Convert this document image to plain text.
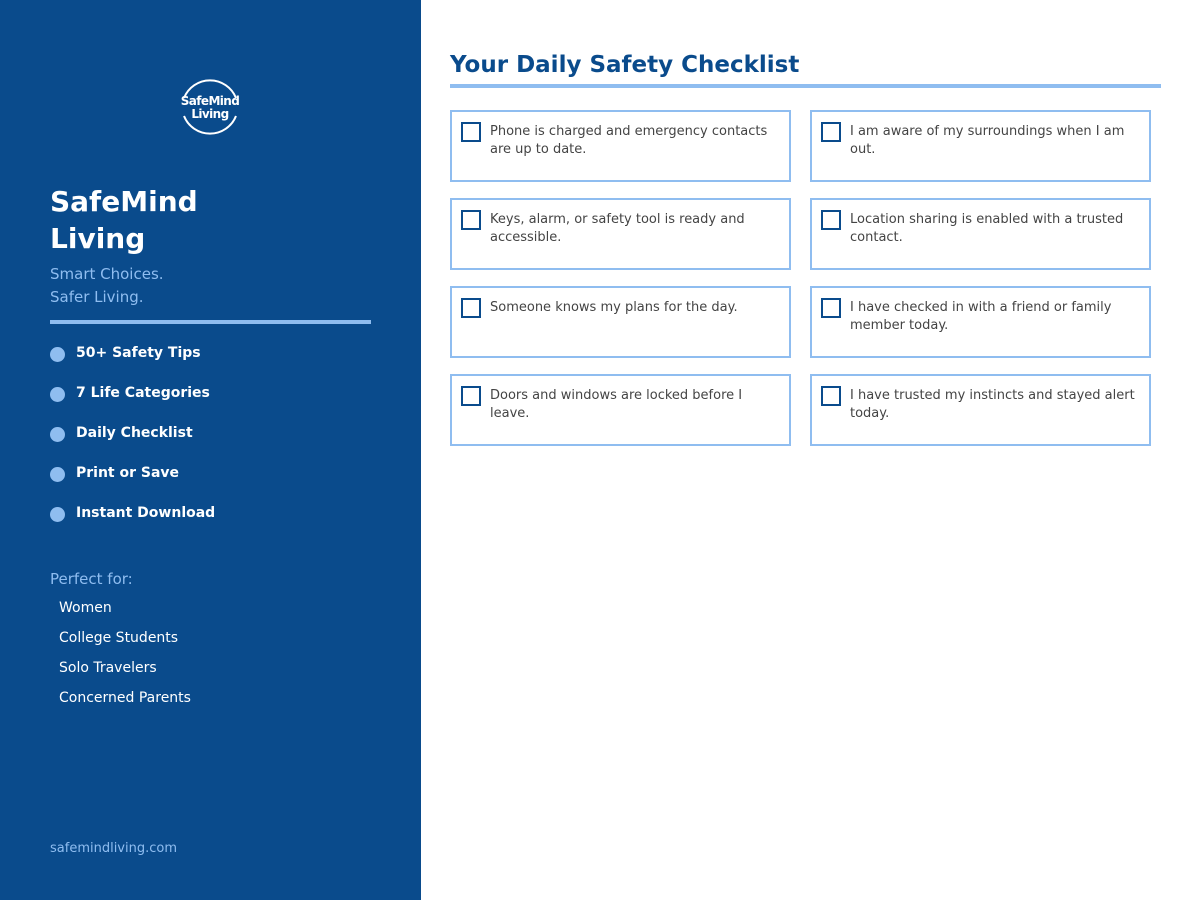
SafeMind
Living
SafeMind
Living
Smart Choices.
Safer Living.
50+ Safety Tips
7 Life Categories
Daily Checklist
Print or Save
Instant Download
Perfect for:
Women
College Students
Solo Travelers
Concerned Parents
safemindliving.com
Your Daily Safety Checklist
Phone is charged and emergency contacts are up to date.
I am aware of my surroundings when I am out.
Keys, alarm, or safety tool is ready and accessible.
Location sharing is enabled with a trusted contact.
Someone knows my plans for the day.	I have checked in with a friend or family member today.
Doors and windows are locked before I leave.
I have trusted my instincts and stayed alert today.
